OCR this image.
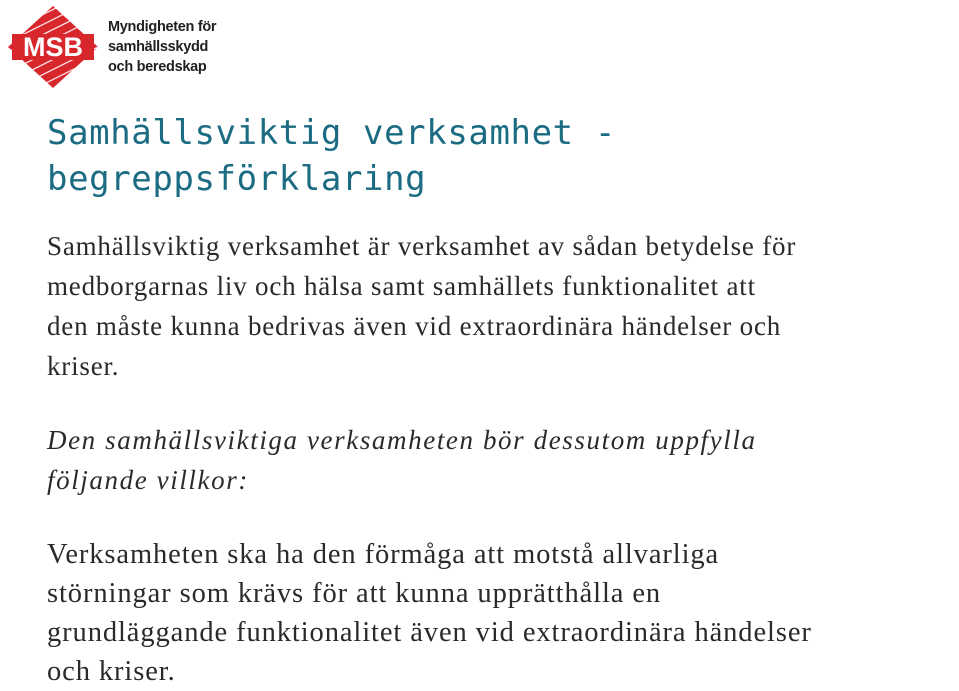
MSB
Myndigheten för
samhällsskydd
och beredskap
Samhällsviktig verksamhet -
begreppsförklaring

Samhällsviktig verksamhet är verksamhet av sådan betydelse för
medborgarnas liv och hälsa samt samhällets funktionalitet att
den måste kunna bedrivas även vid extraordinära händelser och
kriser.

Den samhällsviktiga verksamheten bör dessutom uppfylla
följande villkor:

Verksamheten ska ha den förmåga att motstå allvarliga
störningar som krävs för att kunna upprätthålla en
grundläggande funktionalitet även vid extraordinära händelser
och kriser.
